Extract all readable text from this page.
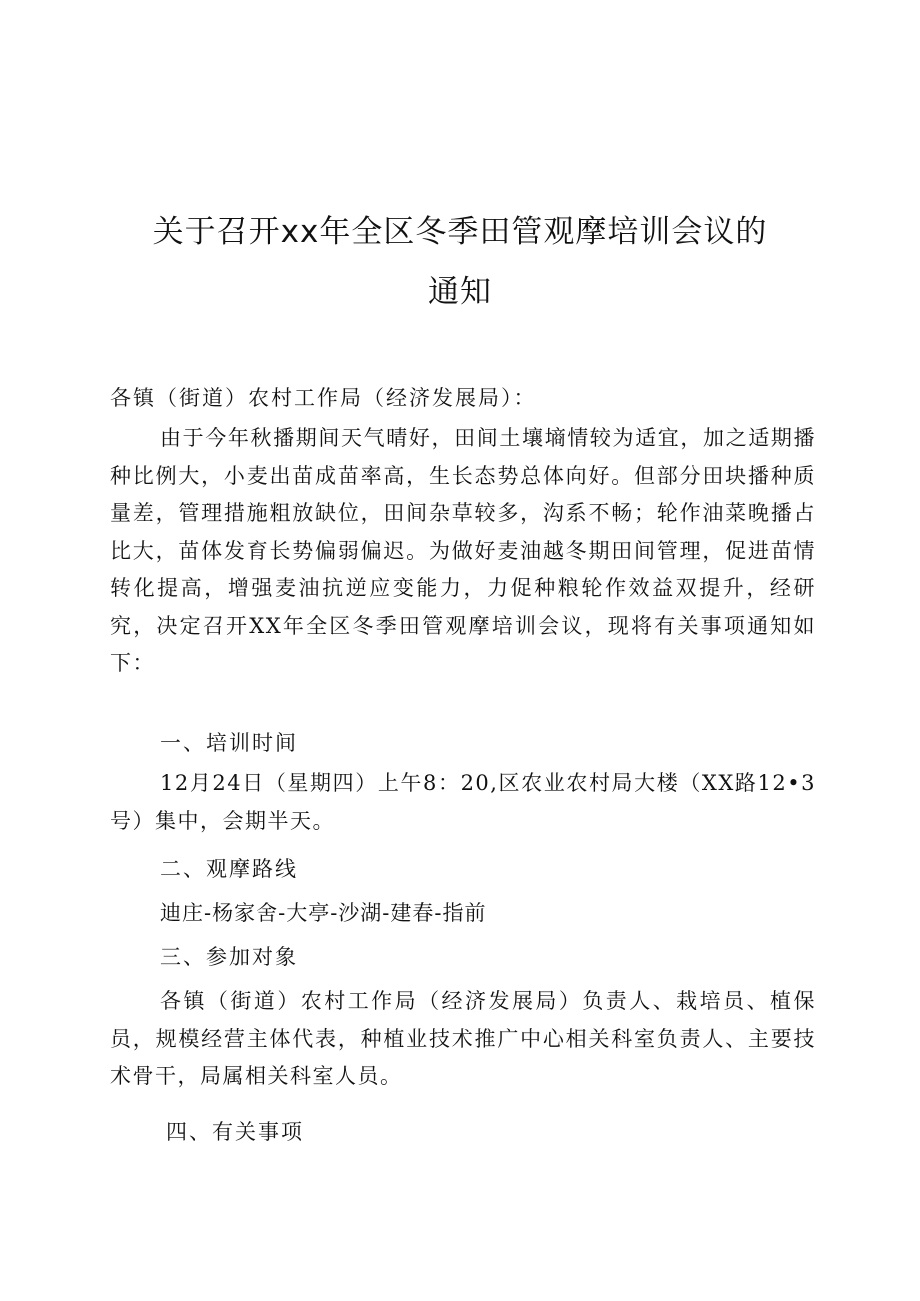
关于召开xx年全区冬季田管观摩培训会议的
通知
各镇（街道）农村工作局（经济发展局）：
由于今年秋播期间天气晴好，田间土壤墒情较为适宜，加之适期播种比例大，小麦出苗成苗率高，生长态势总体向好。但部分田块播种质量差，管理措施粗放缺位，田间杂草较多，沟系不畅；轮作油菜晚播占比大，苗体发育长势偏弱偏迟。为做好麦油越冬期田间管理，促进苗情转化提高，增强麦油抗逆应变能力，力促种粮轮作效益双提升，经研究，决定召开XX年全区冬季田管观摩培训会议，现将有关事项通知如下：
一、培训时间
12月24日（星期四）上午8：20,区农业农村局大楼（XX路12•3号）集中，会期半天。
二、观摩路线
迪庄-杨家舍-大亭-沙湖-建春-指前
三、参加对象
各镇（街道）农村工作局（经济发展局）负责人、栽培员、植保员，规模经营主体代表，种植业技术推广中心相关科室负责人、主要技术骨干，局属相关科室人员。
四、有关事项
